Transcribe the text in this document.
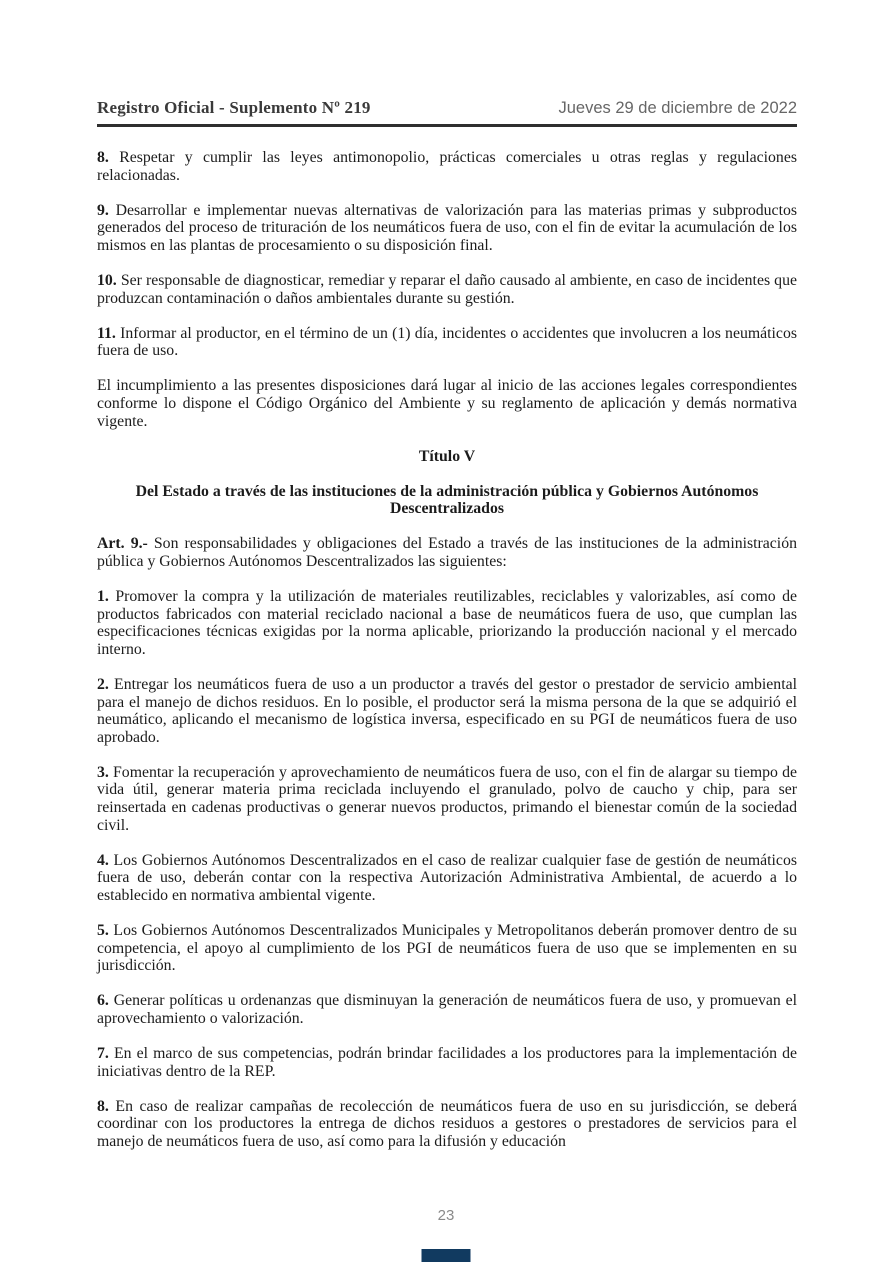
Registro Oficial - Suplemento Nº 219	Jueves 29 de diciembre de 2022

8. Respetar y cumplir las leyes antimonopolio, prácticas comerciales u otras reglas y regulaciones relacionadas.

9. Desarrollar e implementar nuevas alternativas de valorización para las materias primas y subproductos generados del proceso de trituración de los neumáticos fuera de uso, con el fin de evitar la acumulación de los mismos en las plantas de procesamiento o su disposición final.

10. Ser responsable de diagnosticar, remediar y reparar el daño causado al ambiente, en caso de incidentes que produzcan contaminación o daños ambientales durante su gestión.

11. Informar al productor, en el término de un (1) día, incidentes o accidentes que involucren a los neumáticos fuera de uso.

El incumplimiento a las presentes disposiciones dará lugar al inicio de las acciones legales correspondientes conforme lo dispone el Código Orgánico del Ambiente y su reglamento de aplicación y demás normativa vigente.

Título V

Del Estado a través de las instituciones de la administración pública y Gobiernos Autónomos Descentralizados

Art. 9.- Son responsabilidades y obligaciones del Estado a través de las instituciones de la administración pública y Gobiernos Autónomos Descentralizados las siguientes:

1. Promover la compra y la utilización de materiales reutilizables, reciclables y valorizables, así como de productos fabricados con material reciclado nacional a base de neumáticos fuera de uso, que cumplan las especificaciones técnicas exigidas por la norma aplicable, priorizando la producción nacional y el mercado interno.

2. Entregar los neumáticos fuera de uso a un productor a través del gestor o prestador de servicio ambiental para el manejo de dichos residuos. En lo posible, el productor será la misma persona de la que se adquirió el neumático, aplicando el mecanismo de logística inversa, especificado en su PGI de neumáticos fuera de uso aprobado.

3. Fomentar la recuperación y aprovechamiento de neumáticos fuera de uso, con el fin de alargar su tiempo de vida útil, generar materia prima reciclada incluyendo el granulado, polvo de caucho y chip, para ser reinsertada en cadenas productivas o generar nuevos productos, primando el bienestar común de la sociedad civil.

4. Los Gobiernos Autónomos Descentralizados en el caso de realizar cualquier fase de gestión de neumáticos fuera de uso, deberán contar con la respectiva Autorización Administrativa Ambiental, de acuerdo a lo establecido en normativa ambiental vigente.

5. Los Gobiernos Autónomos Descentralizados Municipales y Metropolitanos deberán promover dentro de su competencia, el apoyo al cumplimiento de los PGI de neumáticos fuera de uso que se implementen en su jurisdicción.

6. Generar políticas u ordenanzas que disminuyan la generación de neumáticos fuera de uso, y promuevan el aprovechamiento o valorización.

7. En el marco de sus competencias, podrán brindar facilidades a los productores para la implementación de iniciativas dentro de la REP.

8. En caso de realizar campañas de recolección de neumáticos fuera de uso en su jurisdicción, se deberá coordinar con los productores la entrega de dichos residuos a gestores o prestadores de servicios para el manejo de neumáticos fuera de uso, así como para la difusión y educación

23
